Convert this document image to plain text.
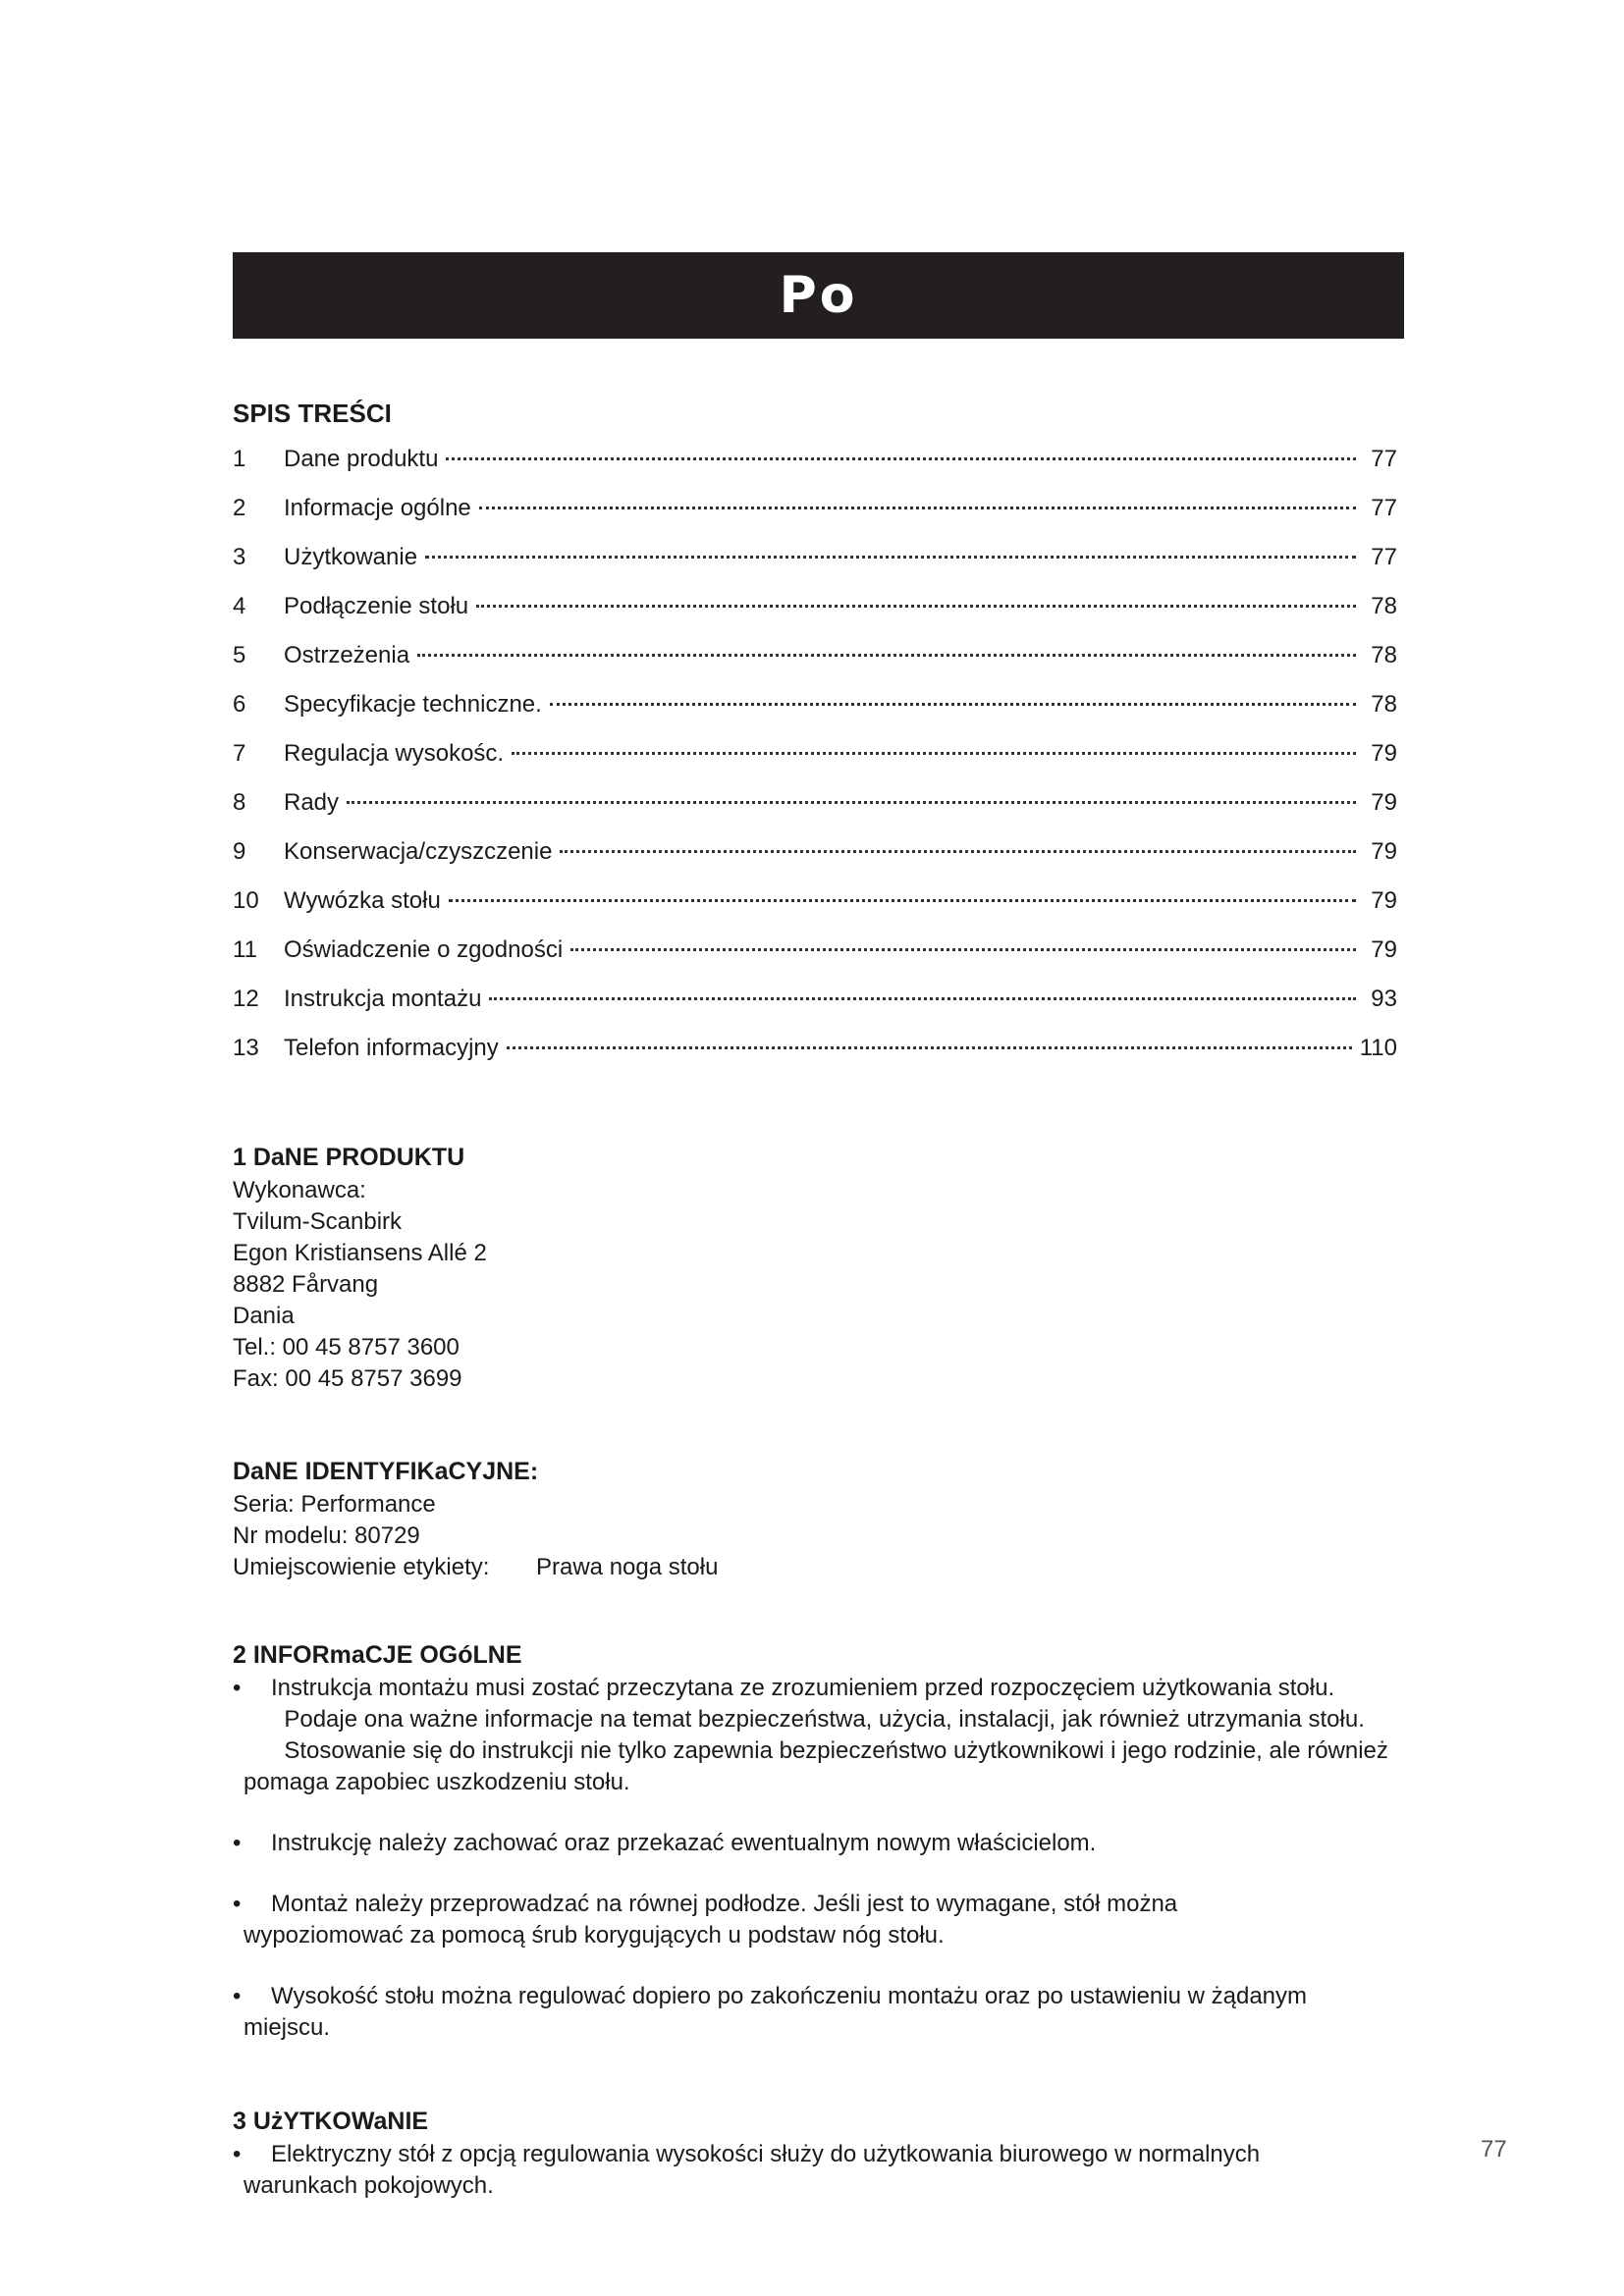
Po
SPIS TREŚCI
1	Dane produktu	77
2	Informacje ogólne	77
3	Użytkowanie	77
4	Podłączenie stołu	78
5	Ostrzeżenia	78
6	Specyfikacje techniczne.	78
7	Regulacja wysokośc.	79
8	Rady	79
9	Konserwacja/czyszczenie	79
10	Wywózka stołu	79
11	Oświadczenie o zgodności	79
12	Instrukcja montażu	93
13	Telefon informacyjny	110
1 DaNE PRODUKTU
Wykonawca:
Tvilum-Scanbirk
Egon Kristiansens Allé 2
8882 Fårvang
Dania
Tel.: 00 45 8757 3600
Fax: 00 45 8757 3699
DaNE IDENTYFIKaCYJNE:
Seria: Performance
Nr modelu: 80729
Umiejscowienie etykiety:	Prawa noga stołu
2 INFORmaCJE OGóLNE
•	Instrukcja montażu musi zostać przeczytana ze zrozumieniem przed rozpoczęciem użytkowania stołu.
Podaje ona ważne informacje na temat bezpieczeństwa, użycia, instalacji, jak również utrzymania stołu.
Stosowanie się do instrukcji nie tylko zapewnia bezpieczeństwo użytkownikowi i jego rodzinie, ale również
pomaga zapobiec uszkodzeniu stołu.
•	Instrukcję należy zachować oraz przekazać ewentualnym nowym właścicielom.
•	Montaż należy przeprowadzać na równej podłodze. Jeśli jest to wymagane, stół można
wypoziomować za pomocą śrub korygujących u podstaw nóg stołu.
•	Wysokość stołu można regulować dopiero po zakończeniu montażu oraz po ustawieniu w żądanym
miejscu.
3 UżYTKOWaNIE
•	Elektryczny stół z opcją regulowania wysokości służy do użytkowania biurowego w normalnych
warunkach pokojowych.
77
